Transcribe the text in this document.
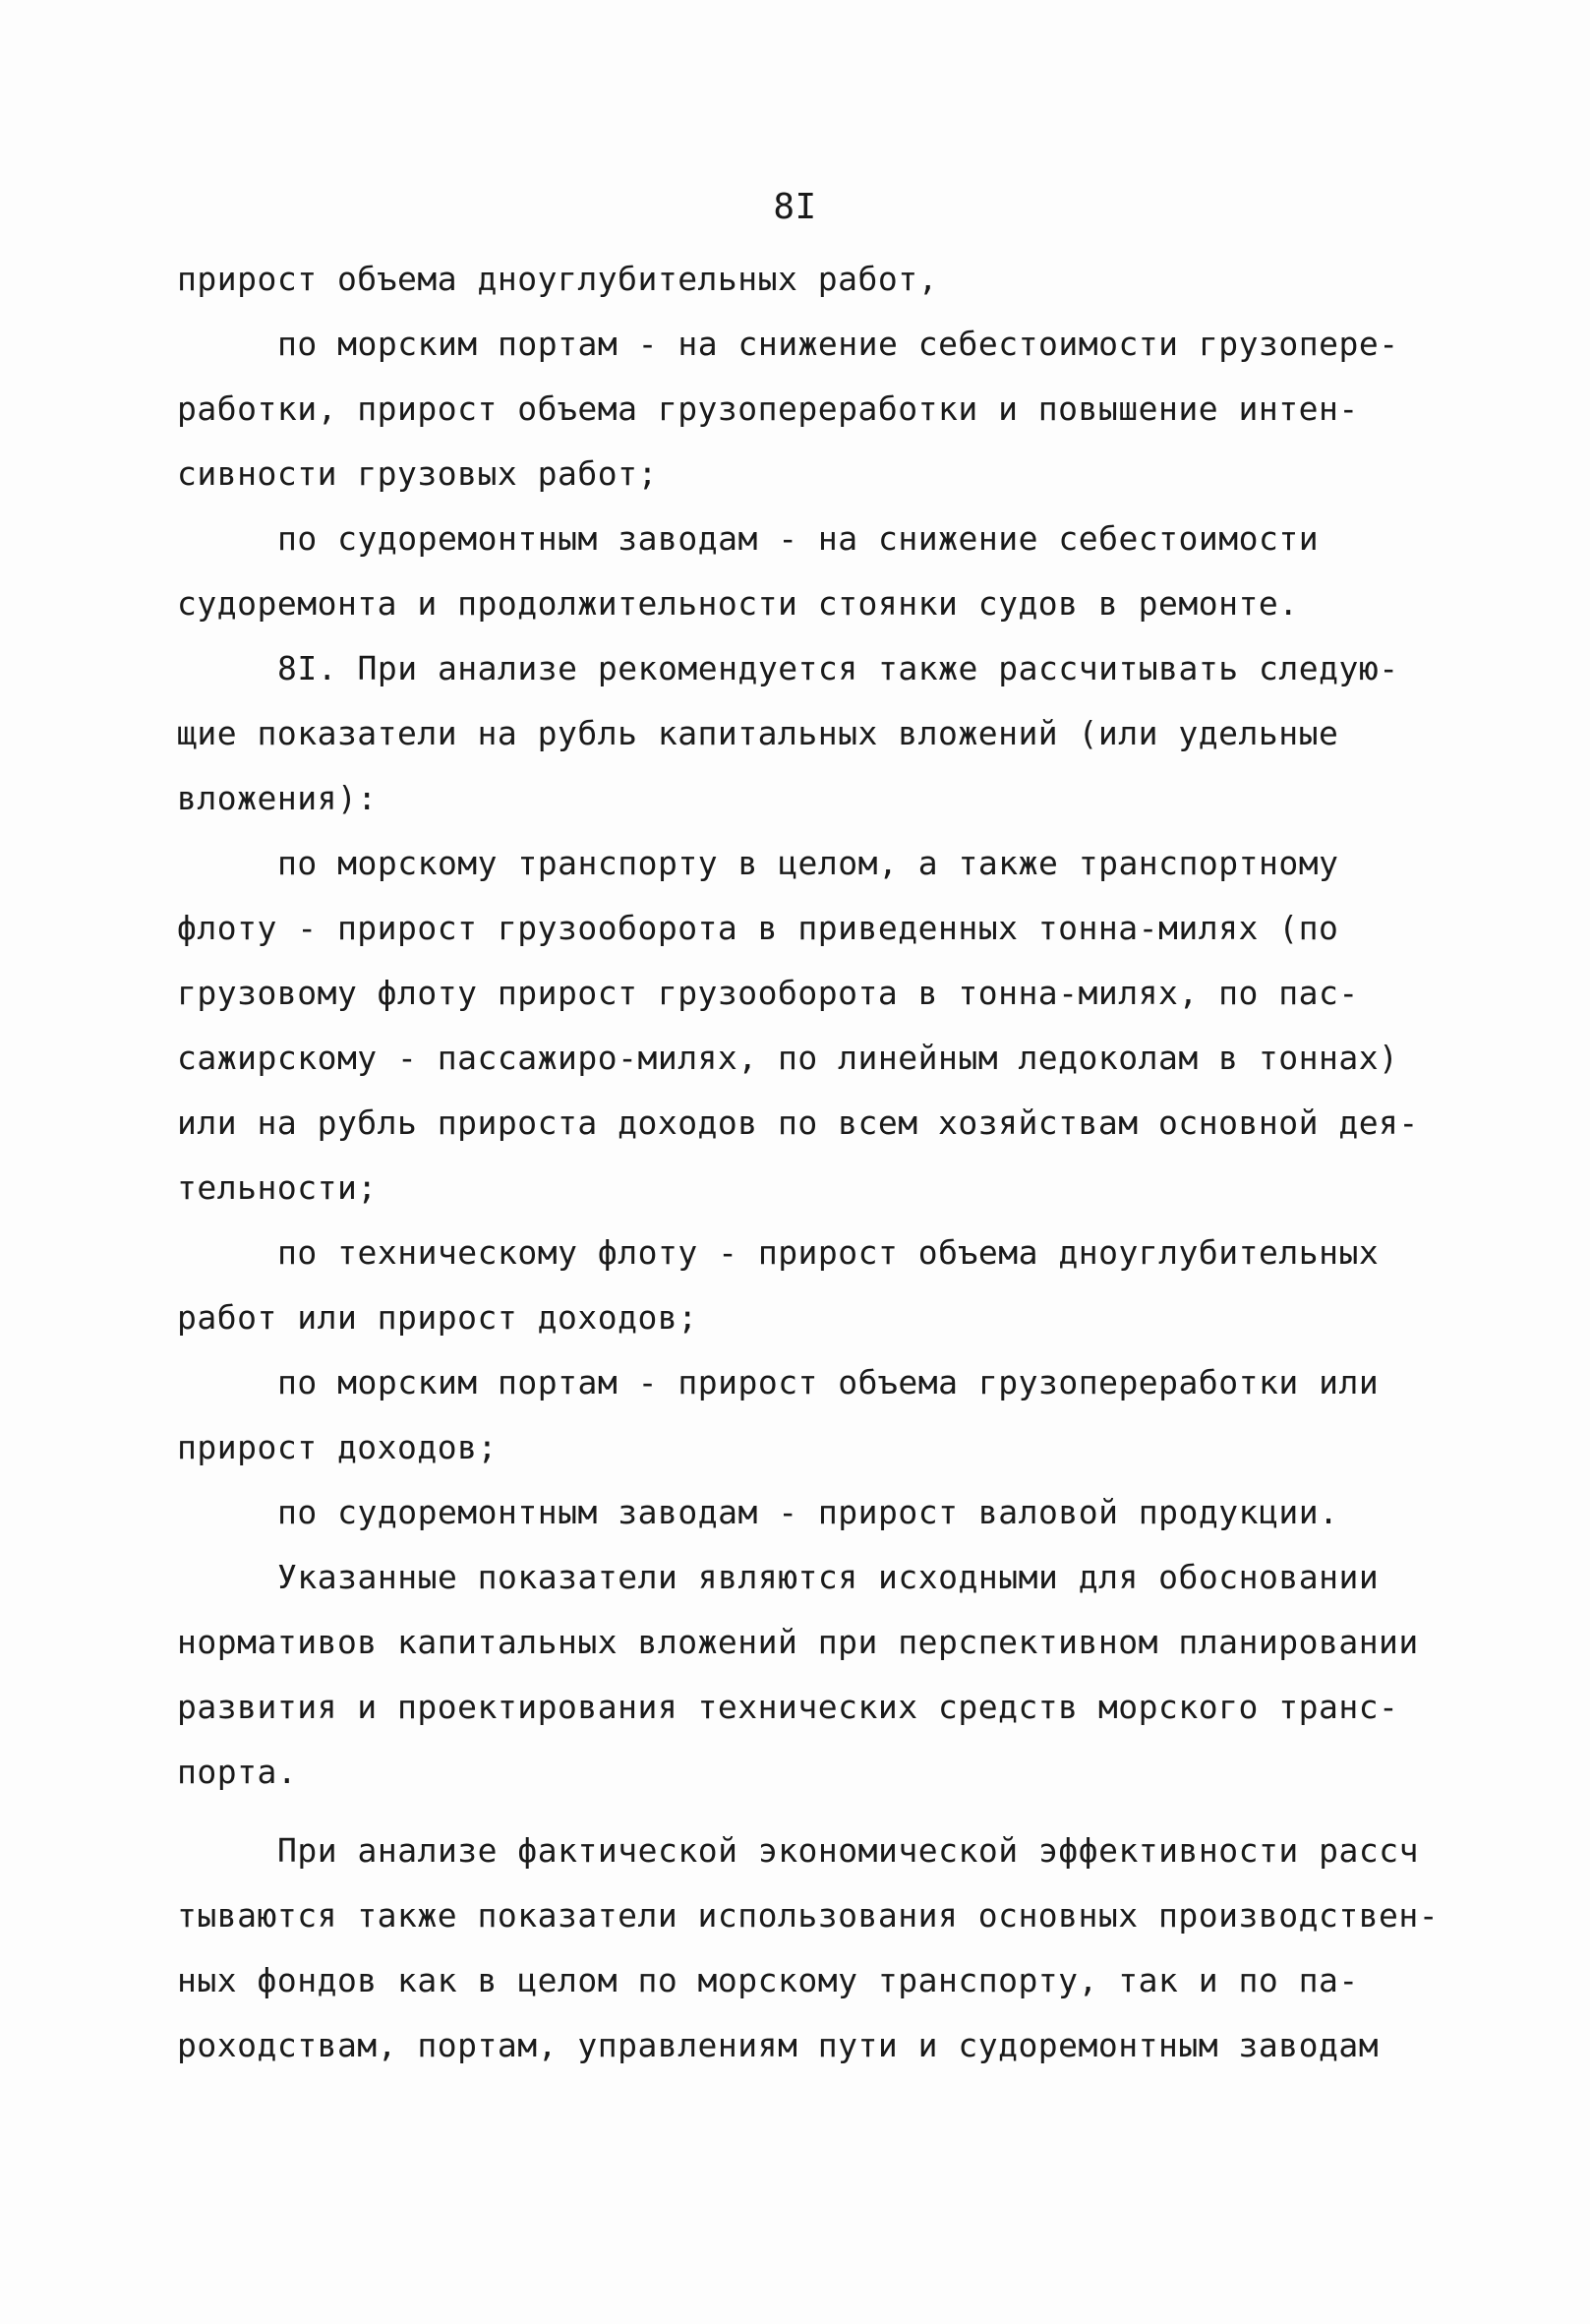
8I
прирост объема дноуглубительных работ,
по морским портам - на снижение себестоимости грузопере-
работки, прирост объема грузопереработки и повышение интен-
сивности грузовых работ;
по судоремонтным заводам - на снижение себестоимости
судоремонта и продолжительности стоянки судов в ремонте.
8I. При анализе рекомендуется также рассчитывать следую-
щие показатели на рубль капитальных вложений (или удельные
вложения):
по морскому транспорту в целом, а также транспортному
флоту - прирост грузооборота в приведенных тонна-милях (по
грузовому флоту прирост грузооборота в тонна-милях, по пас-
сажирскому - пассажиро-милях, по линейным ледоколам в тоннах)
или на рубль прироста доходов по всем хозяйствам основной дея-
тельности;
по техническому флоту - прирост объема дноуглубительных
работ или прирост доходов;
по морским портам - прирост объема грузопереработки или
прирост доходов;
по судоремонтным заводам - прирост валовой продукции.
Указанные показатели являются исходными для обосновании
нормативов капитальных вложений при перспективном планировании
развития и проектирования технических средств морского транс-
порта.
При анализе фактической экономической эффективности рассч
тываются также показатели использования основных производствен-
ных фондов как в целом по морскому транспорту, так и по па-
роходствам, портам, управлениям пути и судоремонтным заводам
